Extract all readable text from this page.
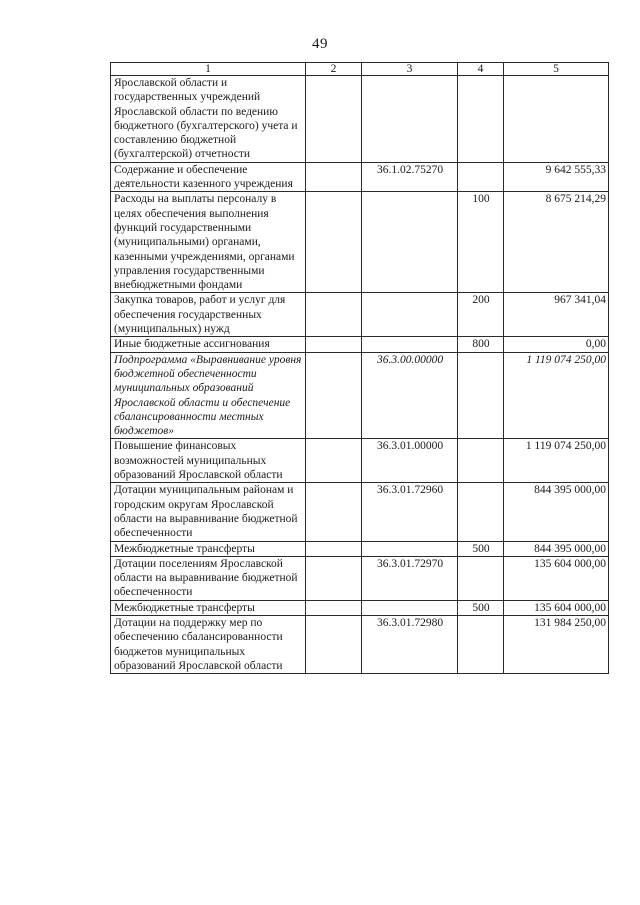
49
1	2	3	4	5
Ярославской области и государственных учреждений Ярославской области по ведению бюджетного (бухгалтерского) учета и составлению бюджетной (бухгалтерской) отчетности				
Содержание и обеспечение деятельности казенного учреждения		36.1.02.75270		9 642 555,33
Расходы на выплаты персоналу в целях обеспечения выполнения функций государственными (муниципальными) органами, казенными учреждениями, органами управления государственными внебюджетными фондами			100	8 675 214,29
Закупка товаров, работ и услуг для обеспечения государственных (муниципальных) нужд			200	967 341,04
Иные бюджетные ассигнования			800	0,00
Подпрограмма «Выравнивание уровня бюджетной обеспеченности муниципальных образований Ярославской области и обеспечение сбалансированности местных бюджетов»		36.3.00.00000		1 119 074 250,00
Повышение финансовых возможностей муниципальных образований Ярославской области		36.3.01.00000		1 119 074 250,00
Дотации муниципальным районам и городским округам Ярославской области на выравнивание бюджетной обеспеченности		36.3.01.72960		844 395 000,00
Межбюджетные трансферты			500	844 395 000,00
Дотации поселениям Ярославской области на выравнивание бюджетной обеспеченности		36.3.01.72970		135 604 000,00
Межбюджетные трансферты			500	135 604 000,00
Дотации на поддержку мер по обеспечению сбалансированности бюджетов муниципальных образований Ярославской области		36.3.01.72980		131 984 250,00
